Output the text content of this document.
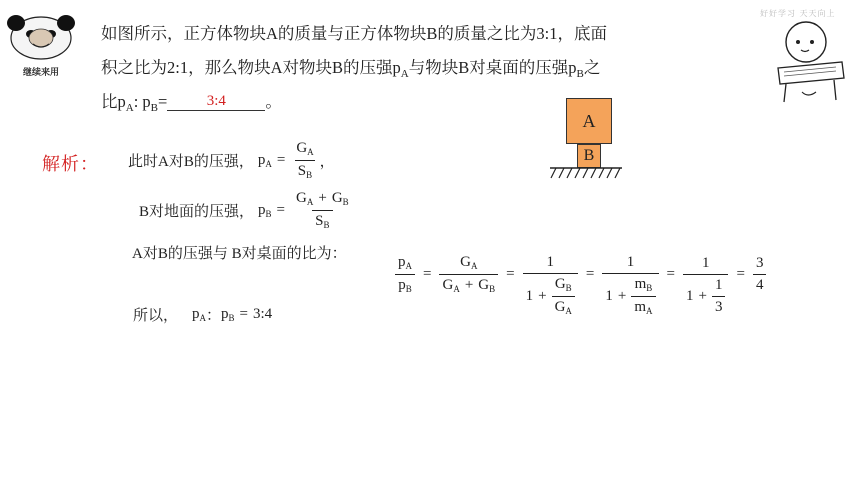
继续来用
好好学习 天天向上
如图所示，正方体物块A的质量与正方体物块B的质量之比为3:1，底面
积之比为2:1，那么物块A对物块B的压强$p_A$与物块B对桌面的压强$p_B$之
比$p_A$: $p_B=$	3:4 。
A
B
解析： 此时A对B的压强， $p_A = \frac{G_A}{S_B}$ ，
B对地面的压强， $p_B = \frac{G_A + G_B}{S_B}$
A对B的压强与 B对桌面的比为：	$\frac{p_A}{p_B} = \frac{G_A}{G_A + G_B} = \frac{1}{1 + \frac{G_B}{G_A}} = \frac{1}{1 + \frac{m_B}{m_A}} = \frac{1}{1 + \frac{1}{3}} = \frac{3}{4}$
所以， $p_A$ ： $p_B$ = 3:4
